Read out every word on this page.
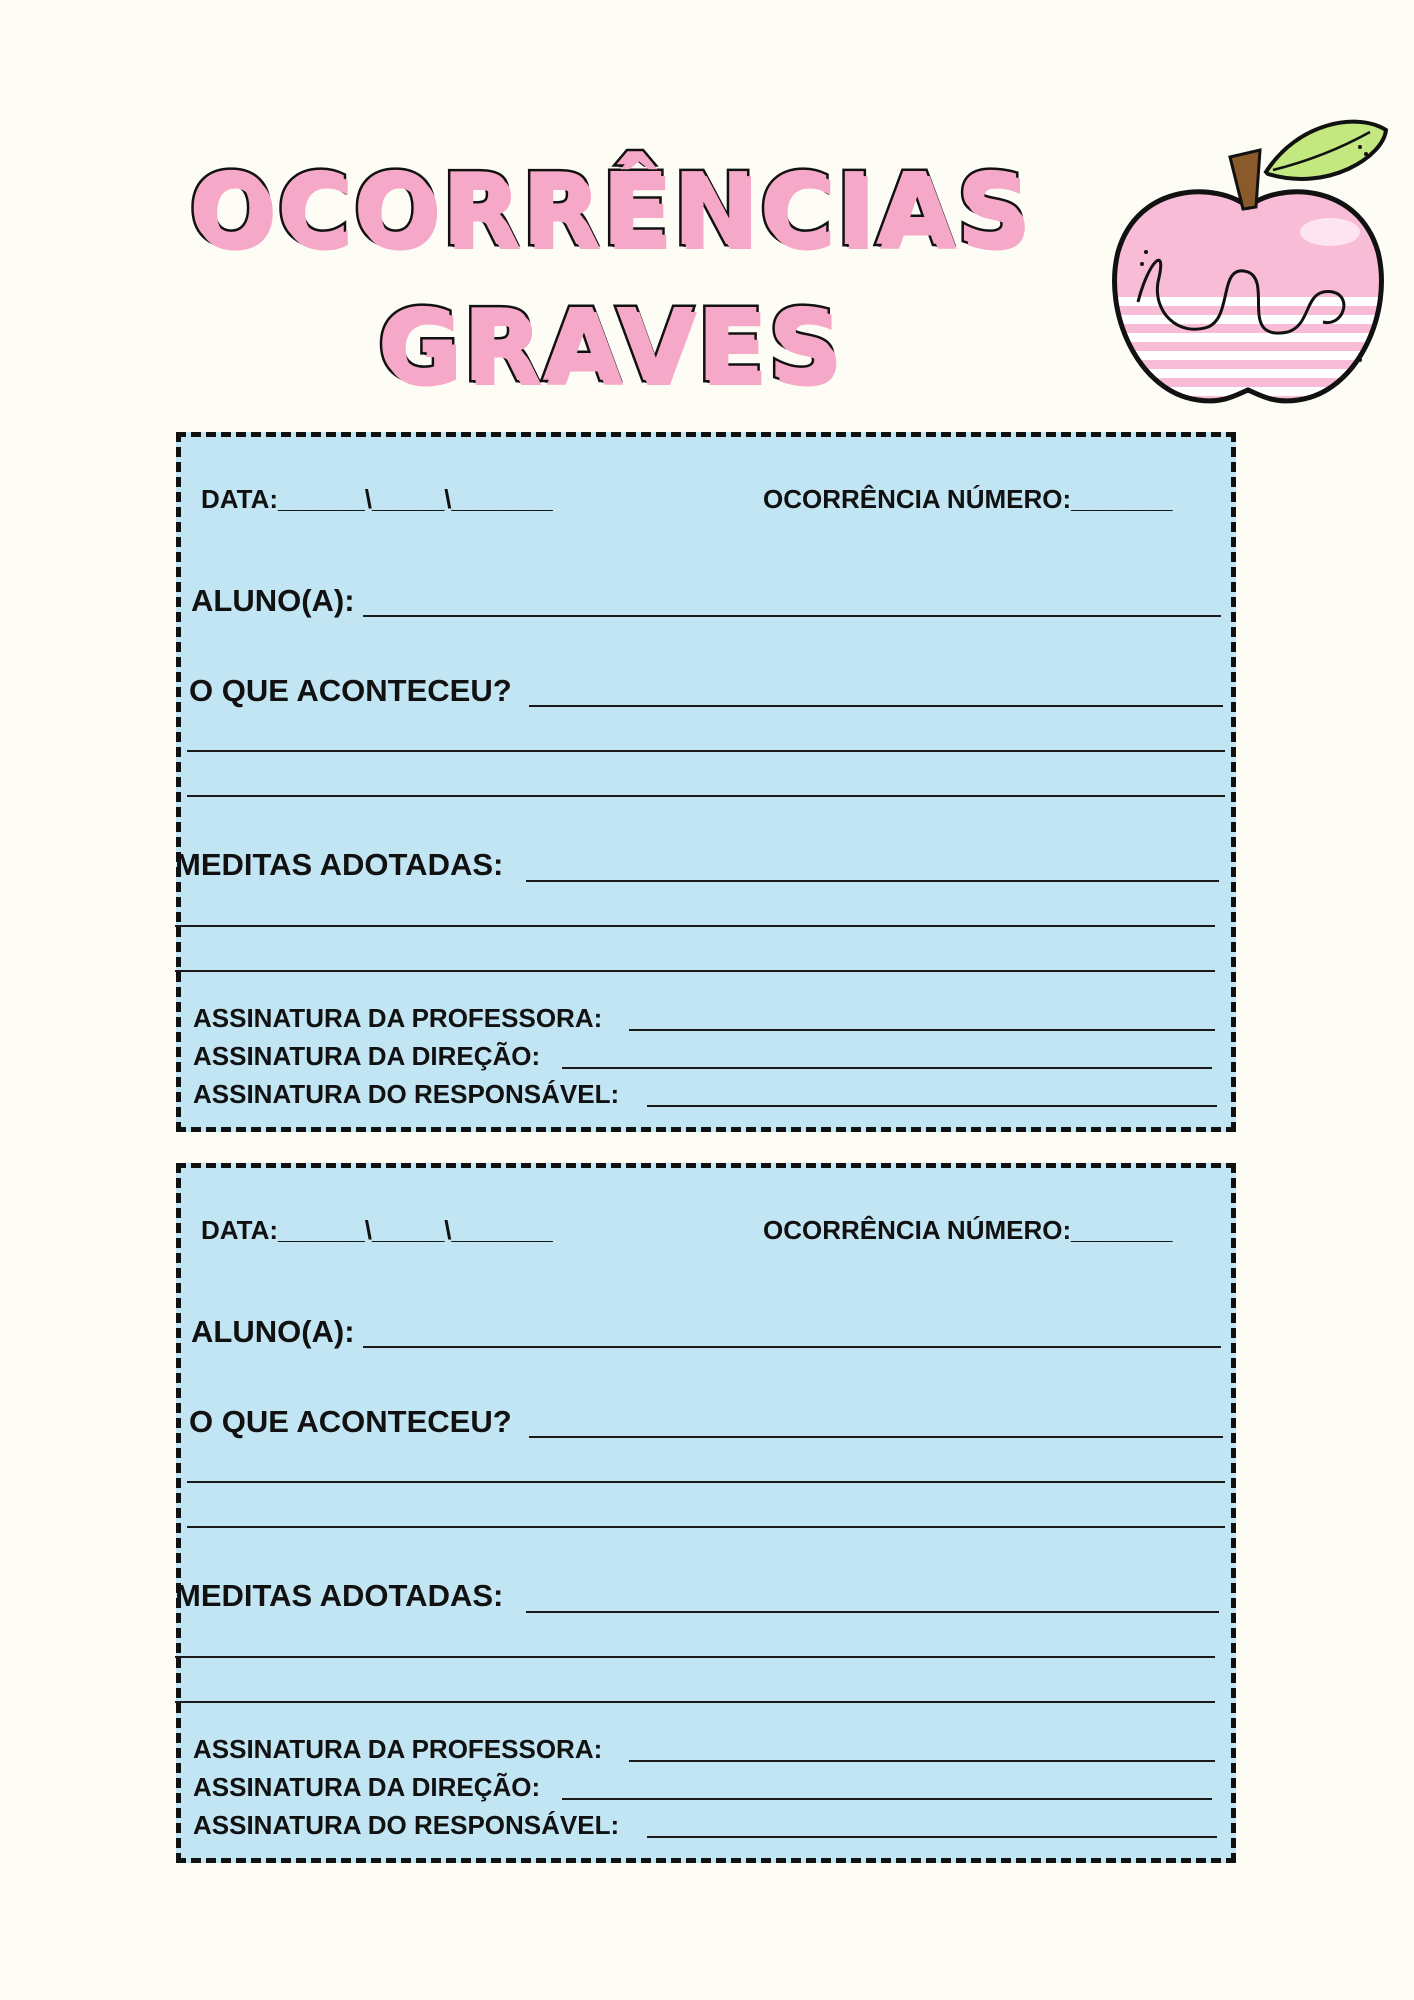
OCORRÊNCIAS
GRAVES
DATA:______\_____\_______	OCORRÊNCIA NÚMERO:_______
ALUNO(A):
O QUE ACONTECEU?
MEDITAS ADOTADAS:
ASSINATURA DA PROFESSORA:
ASSINATURA DA DIREÇÃO:
ASSINATURA DO RESPONSÁVEL:
DATA:______\_____\_______	OCORRÊNCIA NÚMERO:_______
ALUNO(A):
O QUE ACONTECEU?
MEDITAS ADOTADAS:
ASSINATURA DA PROFESSORA:
ASSINATURA DA DIREÇÃO:
ASSINATURA DO RESPONSÁVEL:
